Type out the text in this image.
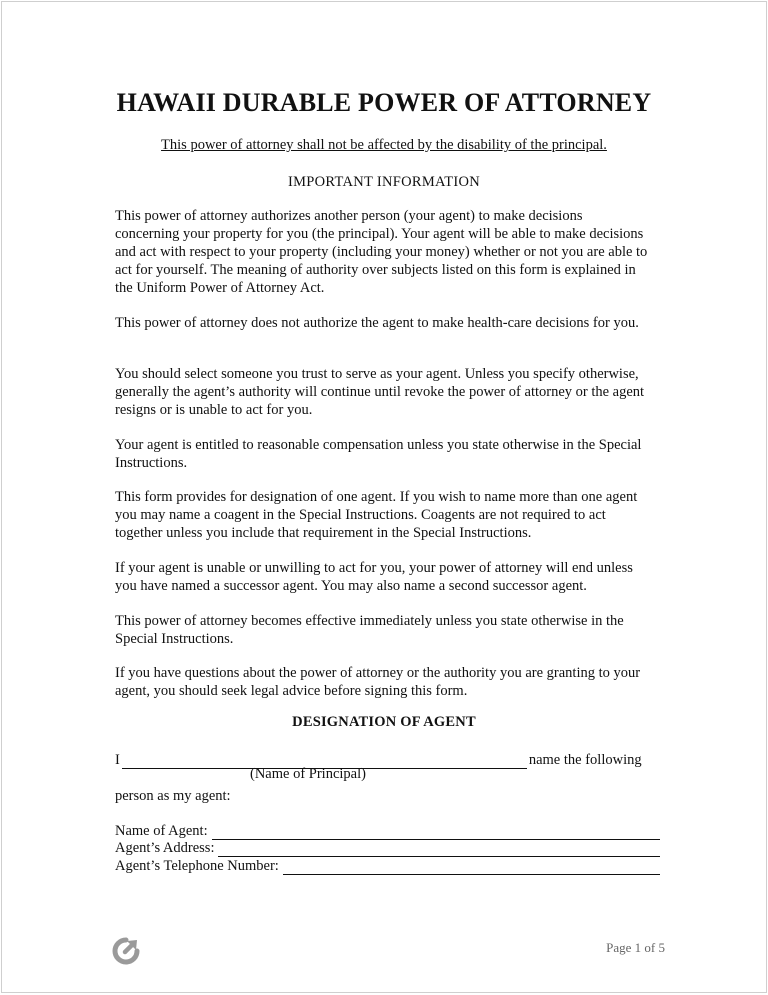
HAWAII DURABLE POWER OF ATTORNEY
This power of attorney shall not be affected by the disability of the principal.
IMPORTANT INFORMATION

This power of attorney authorizes another person (your agent) to make decisions concerning your property for you (the principal). Your agent will be able to make decisions and act with respect to your property (including your money) whether or not you are able to act for yourself. The meaning of authority over subjects listed on this form is explained in the Uniform Power of Attorney Act.

This power of attorney does not authorize the agent to make health-care decisions for you.

You should select someone you trust to serve as your agent. Unless you specify otherwise, generally the agent’s authority will continue until revoke the power of attorney or the agent resigns or is unable to act for you.

Your agent is entitled to reasonable compensation unless you state otherwise in the Special Instructions.

This form provides for designation of one agent. If you wish to name more than one agent you may name a coagent in the Special Instructions. Coagents are not required to act together unless you include that requirement in the Special Instructions.

If your agent is unable or unwilling to act for you, your power of attorney will end unless you have named a successor agent. You may also name a second successor agent.

This power of attorney becomes effective immediately unless you state otherwise in the Special Instructions.

If you have questions about the power of attorney or the authority you are granting to your agent, you should seek legal advice before signing this form.

DESIGNATION OF AGENT
I	name the following
(Name of Principal)
person as my agent:
Name of Agent:
Agent’s Address:
Agent’s Telephone Number:
Page 1 of 5
